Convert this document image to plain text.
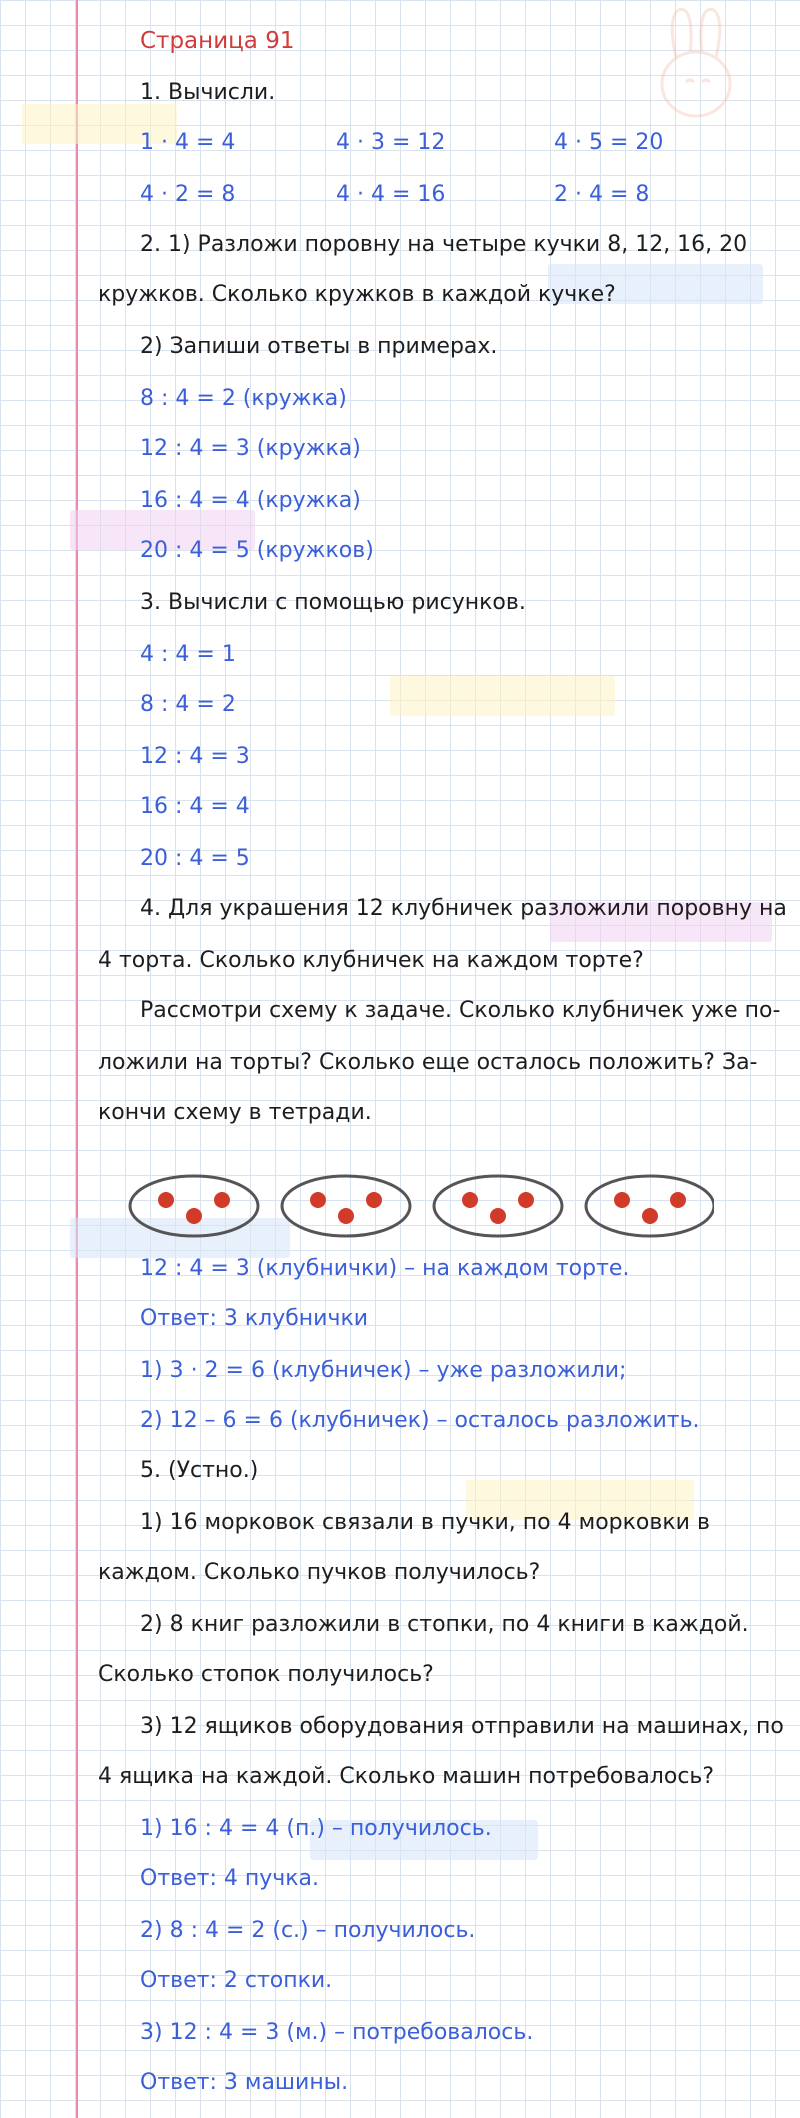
Страница 91
1. Вычисли.
1 · 4 = 4	4 · 3 = 12	4 · 5 = 20
4 · 2 = 8	4 · 4 = 16	2 · 4 = 8
2. 1) Разложи поровну на четыре кучки 8, 12, 16, 20
кружков. Сколько кружков в каждой кучке?
2) Запиши ответы в примерах.
8 : 4 = 2 (кружка)
12 : 4 = 3 (кружка)
16 : 4 = 4 (кружка)
20 : 4 = 5 (кружков)
3. Вычисли с помощью рисунков.
4 : 4 = 1
8 : 4 = 2
12 : 4 = 3
16 : 4 = 4
20 : 4 = 5
4. Для украшения 12 клубничек разложили поровну на
4 торта. Сколько клубничек на каждом торте?
Рассмотри схему к задаче. Сколько клубничек уже по-
ложили на торты? Сколько еще осталось положить? За-
кончи схему в тетради.
12 : 4 = 3 (клубнички) – на каждом торте.
Ответ: 3 клубнички
1) 3 · 2 = 6 (клубничек) – уже разложили;
2) 12 – 6 = 6 (клубничек) – осталось разложить.
5. (Устно.)
1) 16 морковок связали в пучки, по 4 морковки в
каждом. Сколько пучков получилось?
2) 8 книг разложили в стопки, по 4 книги в каждой.
Сколько стопок получилось?
3) 12 ящиков оборудования отправили на машинах, по
4 ящика на каждой. Сколько машин потребовалось?
1) 16 : 4 = 4 (п.) – получилось.
Ответ: 4 пучка.
2) 8 : 4 = 2 (с.) – получилось.
Ответ: 2 стопки.
3) 12 : 4 = 3 (м.) – потребовалось.
Ответ: 3 машины.
